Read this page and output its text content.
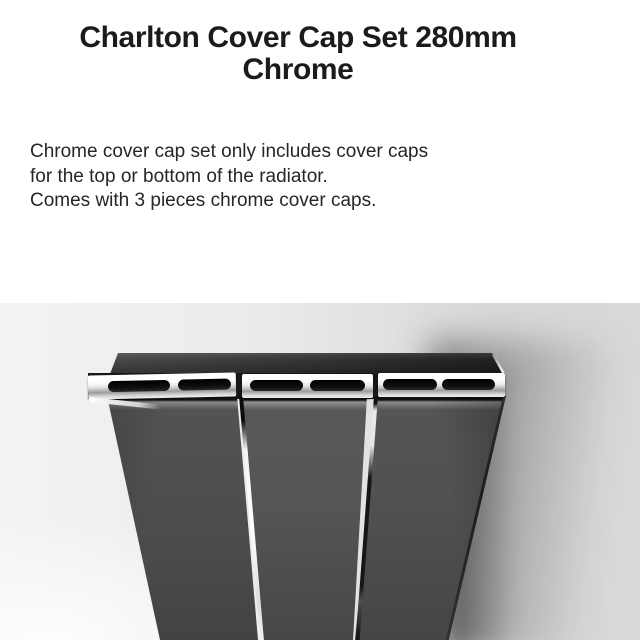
Charlton Cover Cap Set 280mm
Chrome

Chrome cover cap set only includes cover caps
for the top or bottom of the radiator.
Comes with 3 pieces chrome cover caps.
